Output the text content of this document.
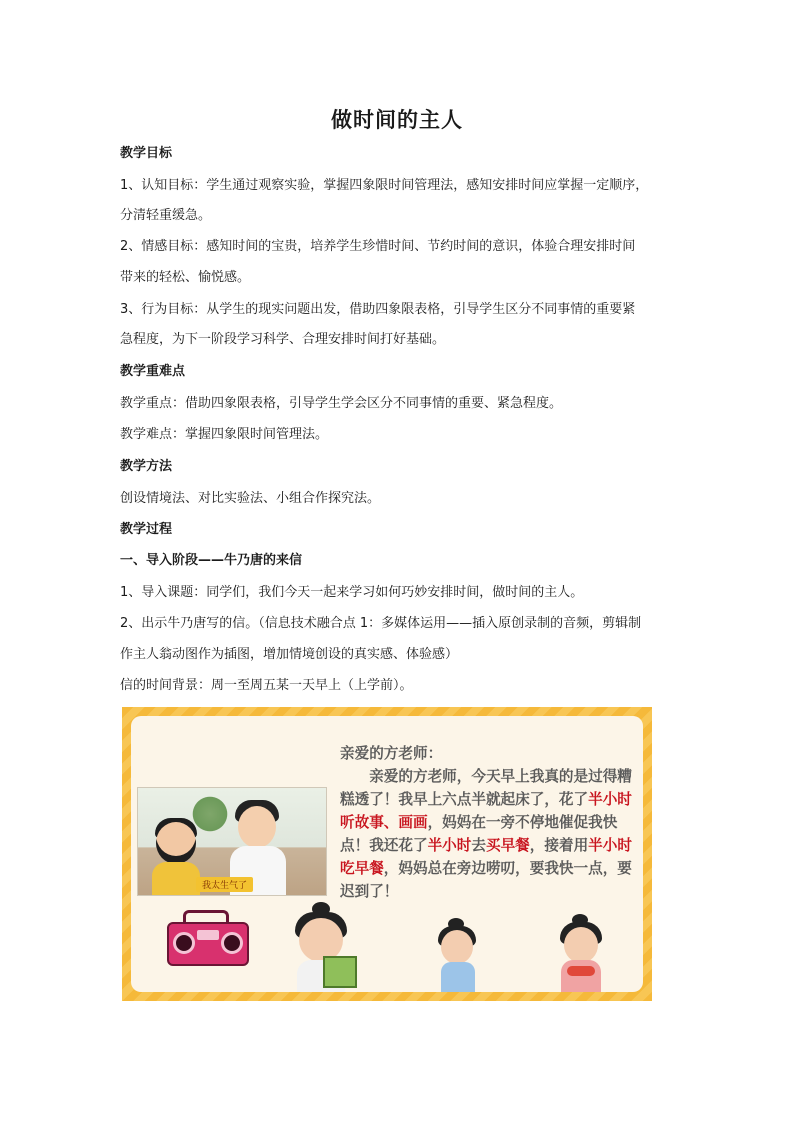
做时间的主人
教学目标
1、认知目标：学生通过观察实验，掌握四象限时间管理法，感知安排时间应掌握一定顺序，
分清轻重缓急。
2、情感目标：感知时间的宝贵，培养学生珍惜时间、节约时间的意识，体验合理安排时间
带来的轻松、愉悦感。
3、行为目标：从学生的现实问题出发，借助四象限表格，引导学生区分不同事情的重要紧
急程度，为下一阶段学习科学、合理安排时间打好基础。
教学重难点
教学重点：借助四象限表格，引导学生学会区分不同事情的重要、紧急程度。
教学难点：掌握四象限时间管理法。
教学方法
创设情境法、对比实验法、小组合作探究法。
教学过程
一、导入阶段——牛乃唐的来信
1、导入课题：同学们，我们今天一起来学习如何巧妙安排时间，做时间的主人。
2、出示牛乃唐写的信。（信息技术融合点 1：多媒体运用——插入原创录制的音频，剪辑制
作主人翁动图作为插图，增加情境创设的真实感、体验感）
信的时间背景：周一至周五某一天早上（上学前）。
我太生气了
亲爱的方老师：
　　亲爱的方老师，今天早上我真的是过得糟糕透了！我早上六点半就起床了，花了半小时听故事、画画，妈妈在一旁不停地催促我快点！我还花了半小时去买早餐，接着用半小时吃早餐，妈妈总在旁边唠叨，要我快一点，要迟到了！
